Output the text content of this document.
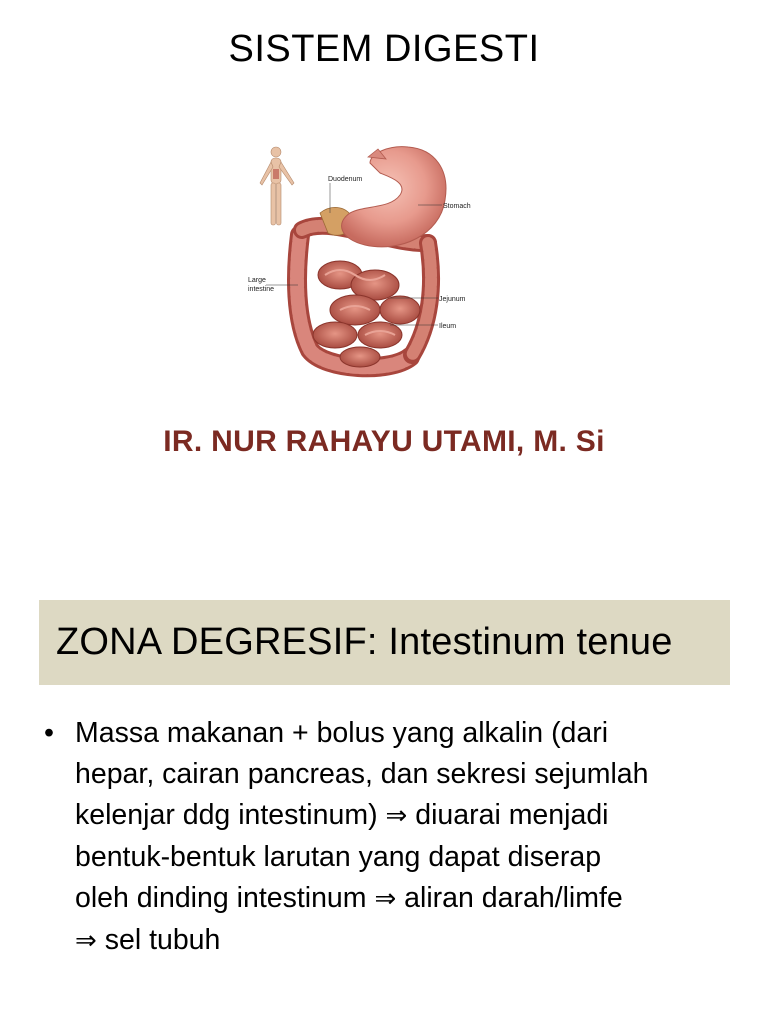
SISTEM DIGESTI
Duodenum
Stomach
Large
intestine
Jejunum
Ileum
IR. NUR RAHAYU UTAMI, M. Si
ZONA DEGRESIF: Intestinum tenue
• Massa makanan + bolus yang alkalin (dari
hepar, cairan pancreas, dan sekresi sejumlah
kelenjar ddg intestinum) ⇒ diuarai menjadi
bentuk-bentuk larutan yang dapat diserap
oleh dinding intestinum ⇒ aliran darah/limfe
⇒ sel tubuh
